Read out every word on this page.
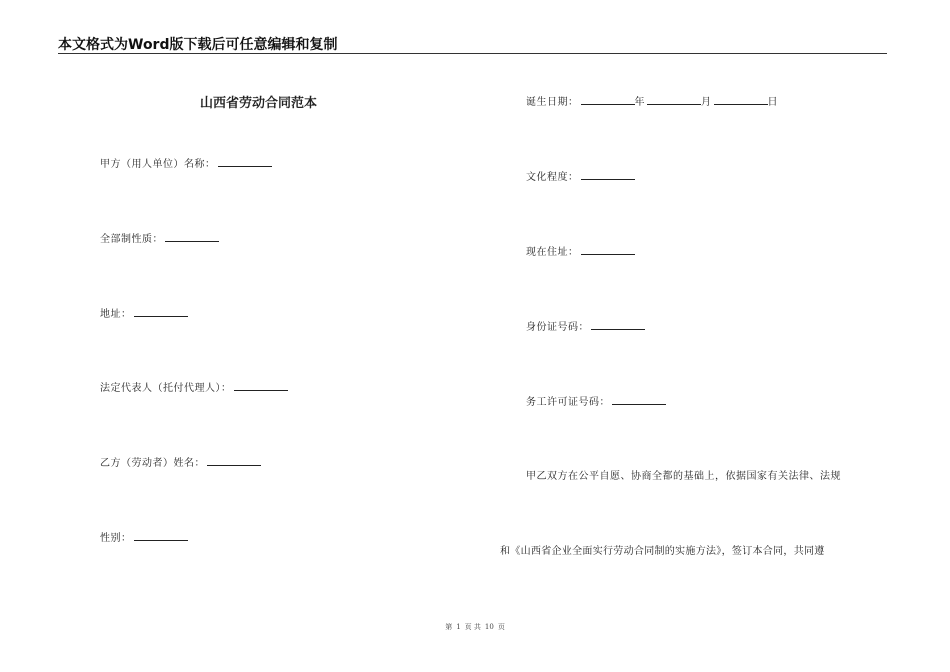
本文格式为Word版下载后可任意编辑和复制
山西省劳动合同范本
甲方（用人单位）名称：
全部制性质：
地址：
法定代表人（托付代理人）：
乙方（劳动者）姓名：
性别：
诞生日期：	年	月	日
文化程度：
现在住址：
身份证号码：
务工许可证号码：
甲乙双方在公平自愿、协商全都的基础上，依据国家有关法律、法规
和《山西省企业全面实行劳动合同制的实施方法》，签订本合同，共同遵
第 1 页 共 10 页
